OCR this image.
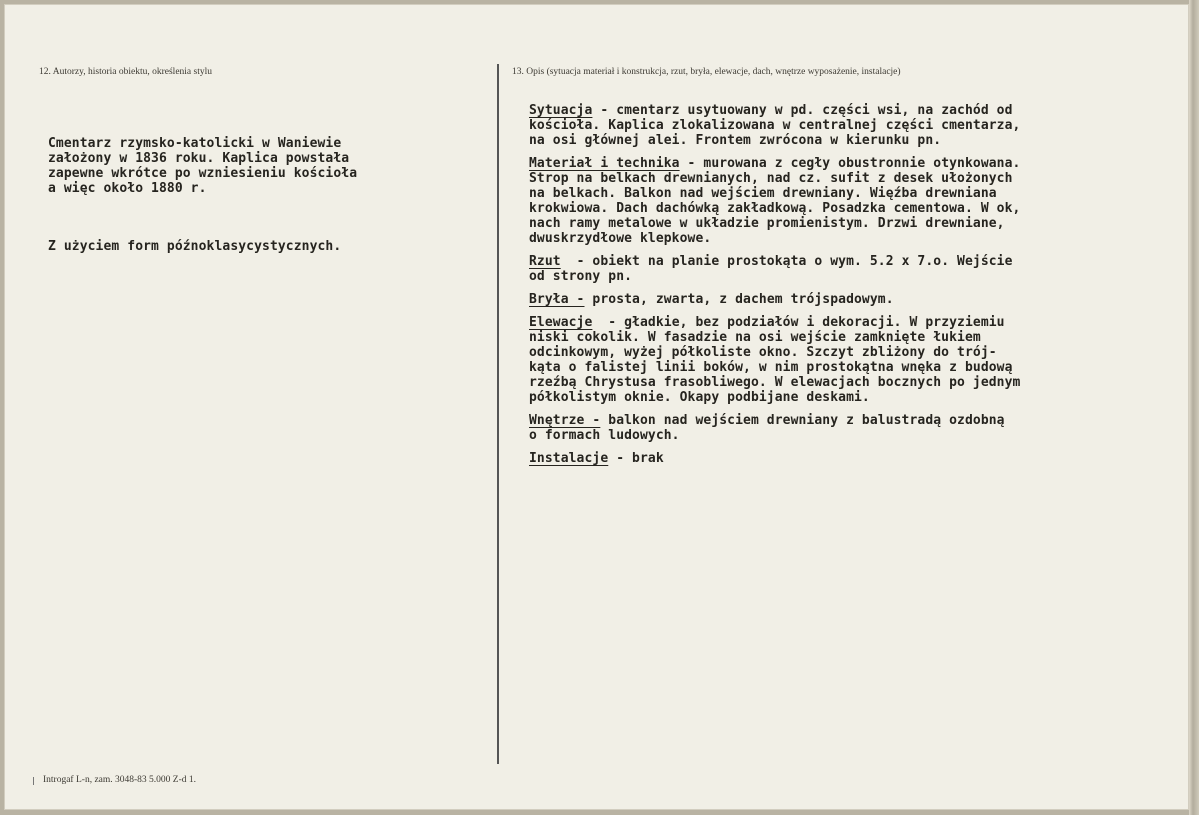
12. Autorzy, historia obiektu, określenia stylu	13. Opis (sytuacja materiał i konstrukcja, rzut, bryła, elewacje, dach, wnętrze wyposażenie, instalacje)

Cmentarz rzymsko-katolicki w Waniewie
założony w 1836 roku. Kaplica powstała
zapewne wkrótce po wzniesieniu kościoła
a więc około 1880 r.

Z użyciem form późnoklasycystycznych.

Sytuacja - cmentarz usytuowany w pd. części wsi, na zachód od
kościoła. Kaplica zlokalizowana w centralnej części cmentarza,
na osi głównej alei. Frontem zwrócona w kierunku pn.

Materiał i technika - murowana z cegły obustronnie otynkowana.
Strop na belkach drewnianych, nad cz. sufit z desek ułożonych
na belkach. Balkon nad wejściem drewniany. Więźba drewniana
krokwiowa. Dach dachówką zakładkową. Posadzka cementowa. W ok,
nach ramy metalowe w układzie promienistym. Drzwi drewniane,
dwuskrzydłowe klepkowe.

Rzut  - obiekt na planie prostokąta o wym. 5.2 x 7.o. Wejście
od strony pn.

Bryła - prosta, zwarta, z dachem trójspadowym.

Elewacje  - gładkie, bez podziałów i dekoracji. W przyziemiu
niski cokolik. W fasadzie na osi wejście zamknięte łukiem
odcinkowym, wyżej półkoliste okno. Szczyt zbliżony do trój-
kąta o falistej linii boków, w nim prostokątna wnęka z budową
rzeźbą Chrystusa frasobliwego. W elewacjach bocznych po jednym
półkolistym oknie. Okapy podbijane deskami.

Wnętrze - balkon nad wejściem drewniany z balustradą ozdobną
o formach ludowych.

Instalacje - brak

Introgaf L-n, zam. 3048-83 5.000 Z-d 1.
